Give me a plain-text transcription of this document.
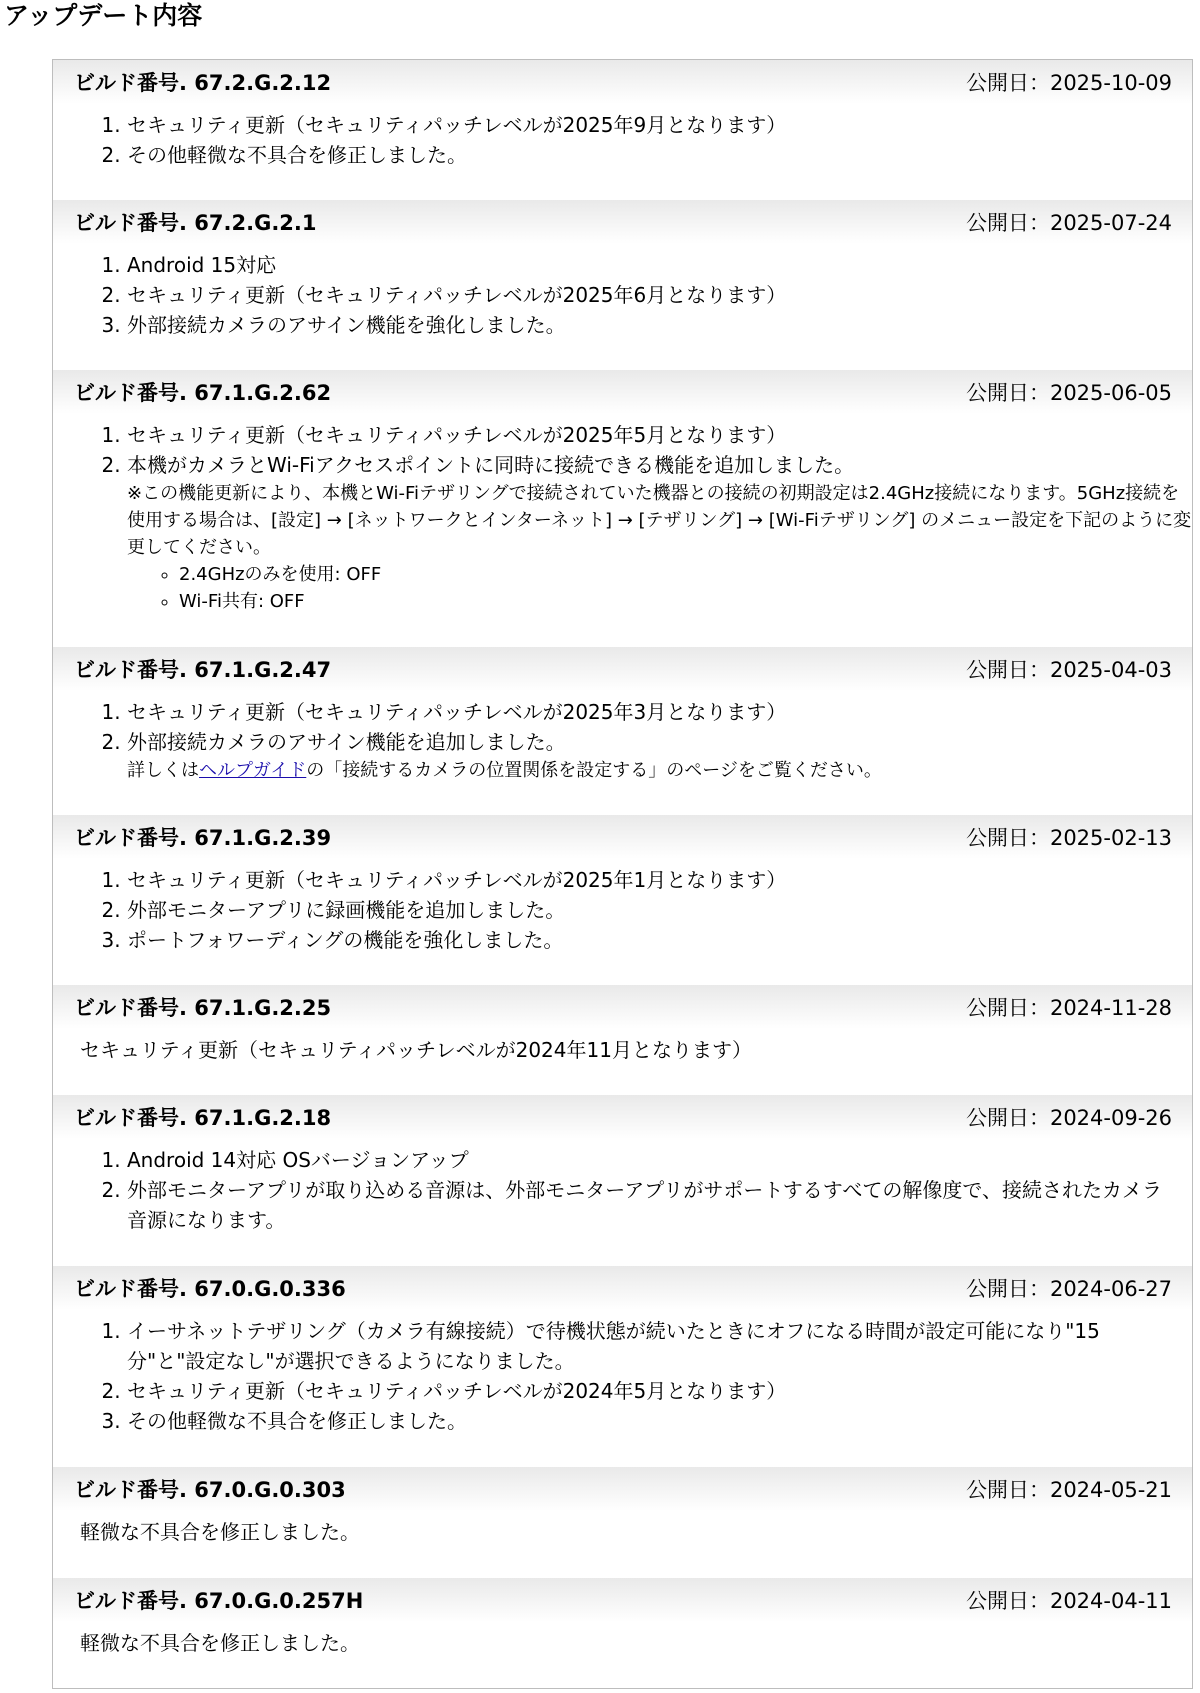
アップデート内容
ビルド番号. 67.2.G.2.12	公開日：2025-10-09
1. セキュリティ更新（セキュリティパッチレベルが2025年9月となります）
2. その他軽微な不具合を修正しました。
ビルド番号. 67.2.G.2.1	公開日：2025-07-24
1. Android 15対応
2. セキュリティ更新（セキュリティパッチレベルが2025年6月となります）
3. 外部接続カメラのアサイン機能を強化しました。
ビルド番号. 67.1.G.2.62	公開日：2025-06-05
1. セキュリティ更新（セキュリティパッチレベルが2025年5月となります）
2. 本機がカメラとWi-Fiアクセスポイントに同時に接続できる機能を追加しました。
※この機能更新により、本機とWi-Fiテザリングで接続されていた機器との接続の初期設定は2.4GHz接続になります。5GHz接続を使用する場合は、[設定] → [ネットワークとインターネット] → [テザリング] → [Wi-Fiテザリング] のメニュー設定を下記のように変更してください。
◦ 2.4GHzのみを使用: OFF
◦ Wi-Fi共有: OFF
ビルド番号. 67.1.G.2.47	公開日：2025-04-03
1. セキュリティ更新（セキュリティパッチレベルが2025年3月となります）
2. 外部接続カメラのアサイン機能を追加しました。
詳しくはヘルプガイドの「接続するカメラの位置関係を設定する」のページをご覧ください。
ビルド番号. 67.1.G.2.39	公開日：2025-02-13
1. セキュリティ更新（セキュリティパッチレベルが2025年1月となります）
2. 外部モニターアプリに録画機能を追加しました。
3. ポートフォワーディングの機能を強化しました。
ビルド番号. 67.1.G.2.25	公開日：2024-11-28
セキュリティ更新（セキュリティパッチレベルが2024年11月となります）
ビルド番号. 67.1.G.2.18	公開日：2024-09-26
1. Android 14対応 OSバージョンアップ
2. 外部モニターアプリが取り込める音源は、外部モニターアプリがサポートするすべての解像度で、接続されたカメラ音源になります。
ビルド番号. 67.0.G.0.336	公開日：2024-06-27
1. イーサネットテザリング（カメラ有線接続）で待機状態が続いたときにオフになる時間が設定可能になり"15分"と"設定なし"が選択できるようになりました。
2. セキュリティ更新（セキュリティパッチレベルが2024年5月となります）
3. その他軽微な不具合を修正しました。
ビルド番号. 67.0.G.0.303	公開日：2024-05-21
軽微な不具合を修正しました。
ビルド番号. 67.0.G.0.257H	公開日：2024-04-11
軽微な不具合を修正しました。
